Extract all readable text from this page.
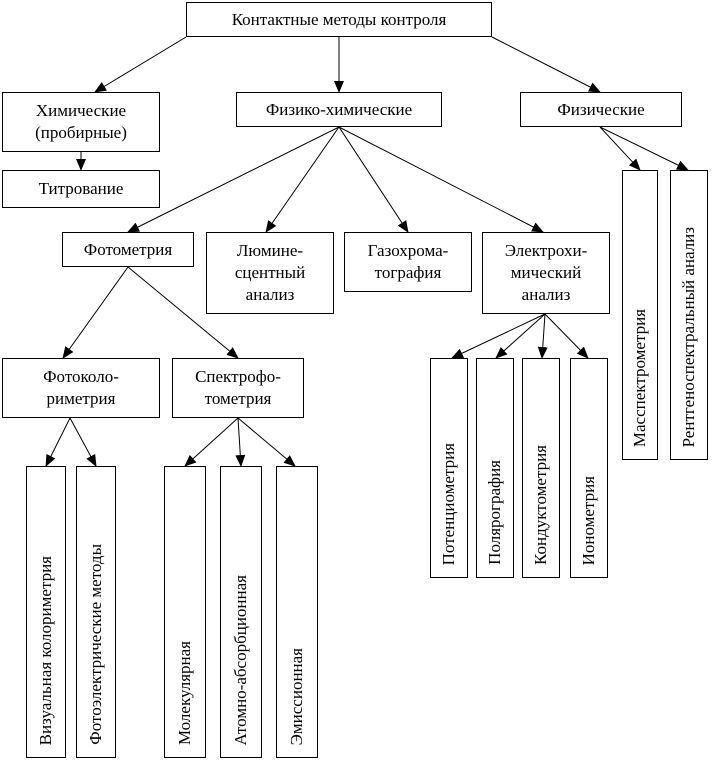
Контактные методы контроля
Химические
(пробирные)
Титрование
Физико-химические	Физические
Фотометрия	Люмине-
сцентный
анализ
Газохрома-
тография
Электрохи-
мический
анализ
Фотоколо-
риметрия
Спектрофо-
тометрия
Визуальная колориметрия Фотоэлектрические методы	Молекулярная Атомно-абсорбционная Эмиссионная
Потенциометрия Полярография Кондуктометрия Ионометрия
Масспектрометрия Рентгеноспектральный анализ
